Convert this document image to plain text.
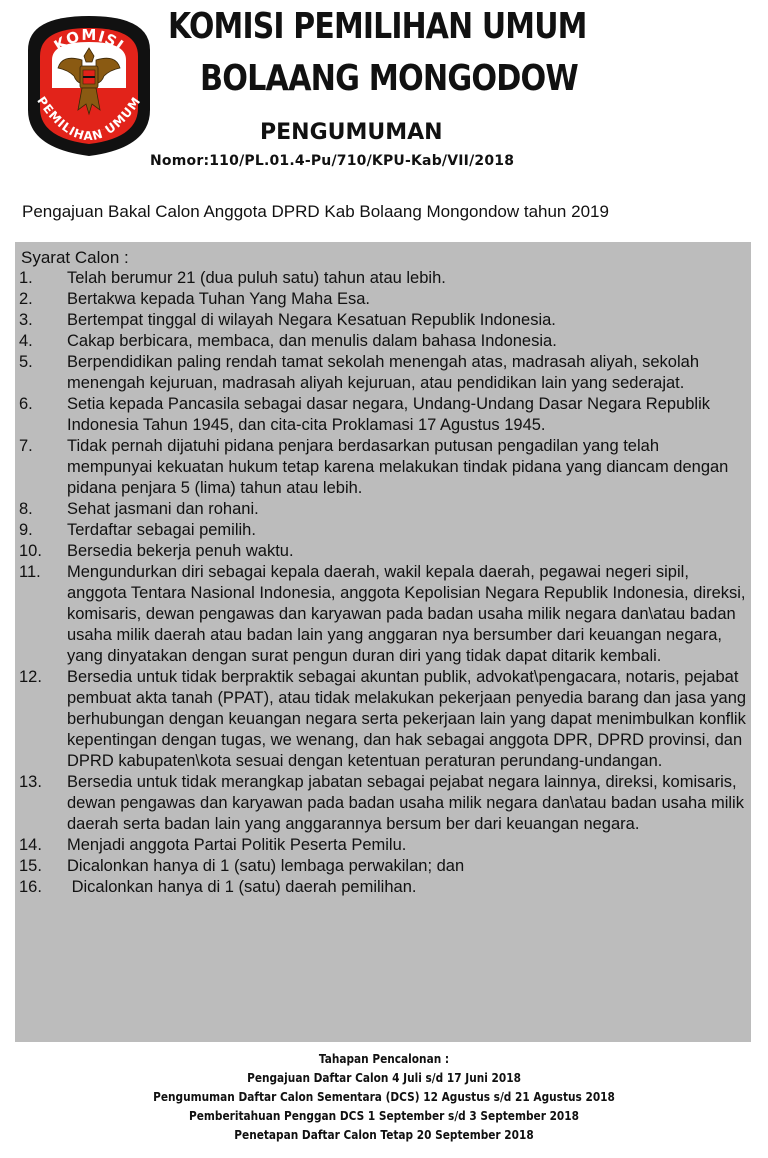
KOMISI
PEMILIHAN UMUM
KOMISI PEMILIHAN UMUM
BOLAANG MONGODOW
PENGUMUMAN
Nomor:110/PL.01.4-Pu/710/KPU-Kab/VII/2018
Pengajuan Bakal Calon Anggota DPRD Kab Bolaang Mongondow tahun 2019
Syarat Calon :
1.	Telah berumur 21 (dua puluh satu) tahun atau lebih.
2.	Bertakwa kepada Tuhan Yang Maha Esa.
3.	Bertempat tinggal di wilayah Negara Kesatuan Republik Indonesia.
4.	Cakap berbicara, membaca, dan menulis dalam bahasa Indonesia.
5.	Berpendidikan paling rendah tamat sekolah menengah atas, madrasah aliyah, sekolah menengah kejuruan, madrasah aliyah kejuruan, atau pendidikan lain yang sederajat.
6.	Setia kepada Pancasila sebagai dasar negara, Undang-Undang Dasar Negara Republik Indonesia Tahun 1945, dan cita-cita Proklamasi 17 Agustus 1945.
7.	Tidak pernah dijatuhi pidana penjara berdasarkan putusan pengadilan yang telah mempunyai kekuatan hukum tetap karena melakukan tindak pidana yang diancam dengan pidana penjara 5 (lima) tahun atau lebih.
8.	Sehat jasmani dan rohani.
9.	Terdaftar sebagai pemilih.
10.	Bersedia bekerja penuh waktu.
11.	Mengundurkan diri sebagai kepala daerah, wakil kepala daerah, pegawai negeri sipil, anggota Tentara Nasional Indonesia, anggota Kepolisian Negara Republik Indonesia, direksi, komisaris, dewan pengawas dan karyawan pada badan usaha milik negara dan\atau badan usaha milik daerah atau badan lain yang anggaran nya bersumber dari keuangan negara, yang dinyatakan dengan surat pengun duran diri yang tidak dapat ditarik kembali.
12.	Bersedia untuk tidak berpraktik sebagai akuntan publik, advokat\pengacara, notaris, pejabat pembuat akta tanah (PPAT), atau tidak melakukan pekerjaan penyedia barang dan jasa yang berhubungan dengan keuangan negara serta pekerjaan lain yang dapat menimbulkan konflik kepentingan dengan tugas, we wenang, dan hak sebagai anggota DPR, DPRD provinsi, dan DPRD kabupaten\kota sesuai dengan ketentuan peraturan perundang-undangan.
13.	Bersedia untuk tidak merangkap jabatan sebagai pejabat negara lainnya, direksi, komisaris, dewan pengawas dan karyawan pada badan usaha milik negara dan\atau badan usaha milik daerah serta badan lain yang anggarannya bersum ber dari keuangan negara.
14.	Menjadi anggota Partai Politik Peserta Pemilu.
15.	Dicalonkan hanya di 1 (satu) lembaga perwakilan; dan
16.	Dicalonkan hanya di 1 (satu) daerah pemilihan.
Tahapan Pencalonan :
Pengajuan Daftar Calon 4 Juli s/d 17 Juni 2018
Pengumuman Daftar Calon Sementara (DCS) 12 Agustus s/d 21 Agustus 2018
Pemberitahuan Penggan DCS 1 September s/d 3 September 2018
Penetapan Daftar Calon Tetap 20 September 2018
